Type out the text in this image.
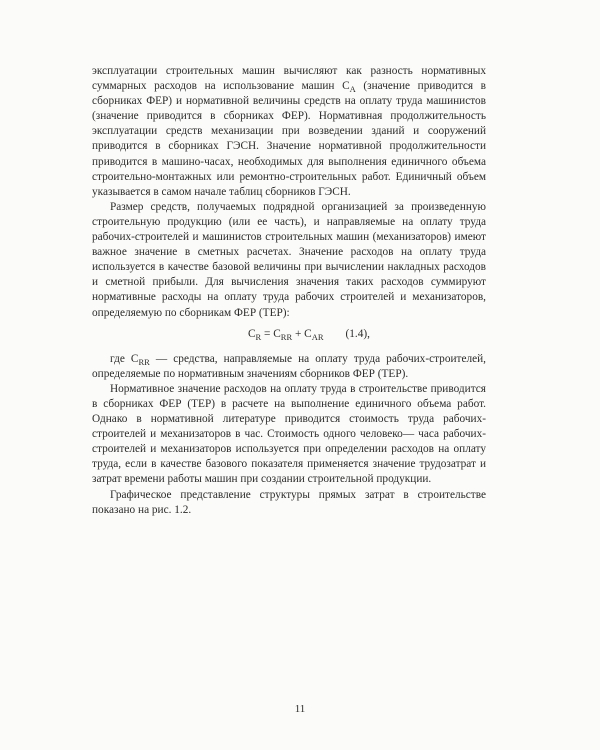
эксплуатации строительных машин вычисляют как разность нормативных суммарных расходов на использование машин $С_A$ (значение приводится в сборниках ФЕР) и нормативной величины средств на оплату труда машинистов (значение приводится в сборниках ФЕР). Нормативная продолжительность эксплуатации средств механизации при возведении зданий и сооружений приводится в сборниках ГЭСН. Значение нормативной продолжительности приводится в машино-часах, необходимых для выполнения единичного объема строительно-монтажных или ремонтно-строительных работ. Единичный объем указывается в самом начале таблиц сборников ГЭСН.

Размер средств, получаемых подрядной организацией за произведенную строительную продукцию (или ее часть), и направляемые на оплату труда рабочих-строителей и машинистов строительных машин (механизаторов) имеют важное значение в сметных расчетах. Значение расходов на оплату труда используется в качестве базовой величины при вычислении накладных расходов и сметной прибыли. Для вычисления значения таких расходов суммируют нормативные расходы на оплату труда рабочих строителей и механизаторов, определяемую по сборникам ФЕР (ТЕР):

$С_R = С_{RR} + С_{AR}$ (1.4),

где $С_{RR}$ — средства, направляемые на оплату труда рабочих-строителей, определяемые по нормативным значениям сборников ФЕР (ТЕР).

Нормативное значение расходов на оплату труда в строительстве приводится в сборниках ФЕР (ТЕР) в расчете на выполнение единичного объема работ. Однако в нормативной литературе приводится стоимость труда рабочих-строителей и механизаторов в час. Стоимость одного человеко— часа рабочих-строителей и механизаторов используется при определении расходов на оплату труда, если в качестве базового показателя применяется значение трудозатрат и затрат времени работы машин при создании строительной продукции.

Графическое представление структуры прямых затрат в строительстве показано на рис. 1.2.

11
